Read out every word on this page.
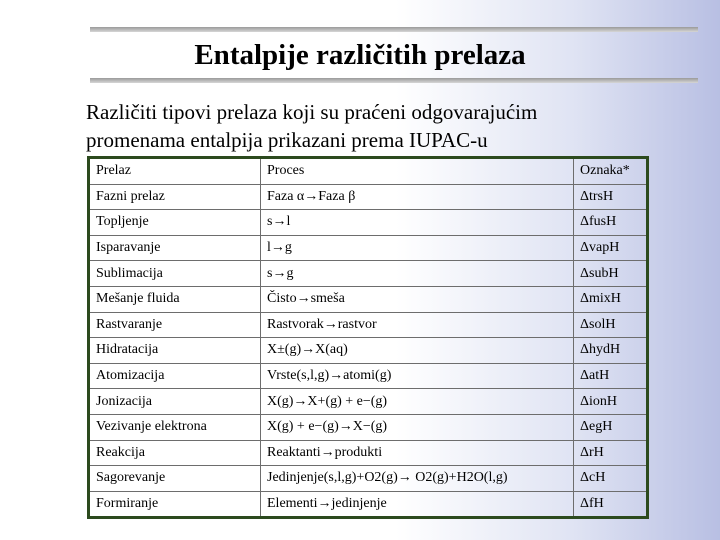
Entalpije različitih prelaza
Različiti tipovi prelaza koji su praćeni odgovarajućim
promenama entalpija prikazani prema IUPAC-u
Prelaz	Proces	Oznaka*
Fazni prelaz	Faza α→Faza β	ΔtrsH
Topljenje	s→l	ΔfusH
Isparavanje	l→g	ΔvapH
Sublimacija	s→g	ΔsubH
Mešanje fluida	Čisto→smeša	ΔmixH
Rastvaranje	Rastvorak→rastvor	ΔsolH
Hidratacija	X±(g)→X(aq)	ΔhydH
Atomizacija	Vrste(s,l,g)→atomi(g)	ΔatH
Jonizacija	X(g)→X+(g) + e−(g)	ΔionH
Vezivanje elektrona	X(g) + e−(g)→X−(g)	ΔegH
Reakcija	Reaktanti→produkti	ΔrH
Sagorevanje	Jedinjenje(s,l,g)+O2(g)→ O2(g)+H2O(l,g)	ΔcH
Formiranje	Elementi→jedinjenje	ΔfH
